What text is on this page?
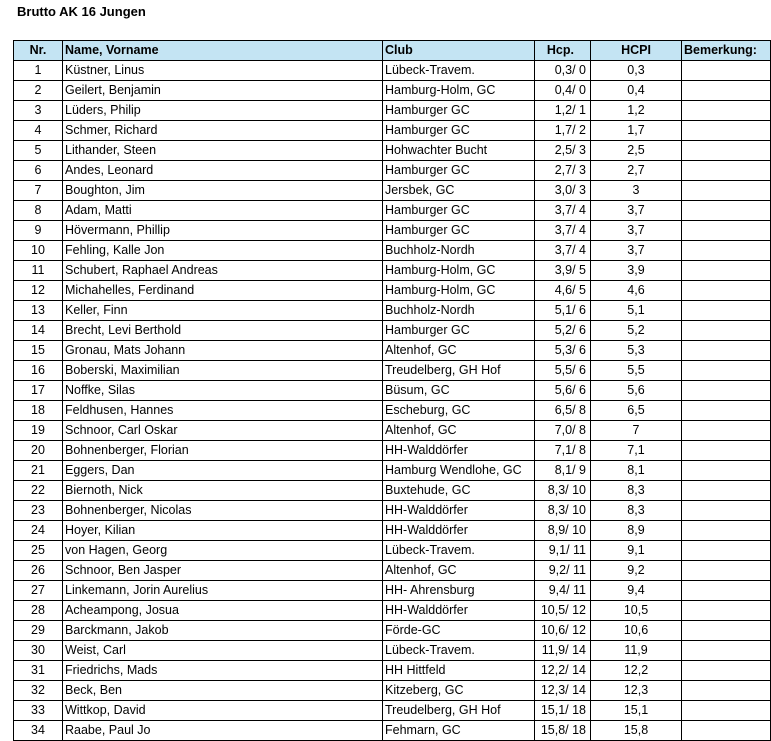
Brutto AK 16 Jungen
Nr.	Name, Vorname	Club	Hcp.	HCPI	Bemerkung:
1	Küstner, Linus	Lübeck-Travem.	0,3/ 0	0,3	
2	Geilert, Benjamin	Hamburg-Holm, GC	0,4/ 0	0,4	
3	Lüders, Philip	Hamburger GC	1,2/ 1	1,2	
4	Schmer, Richard	Hamburger GC	1,7/ 2	1,7	
5	Lithander, Steen	Hohwachter Bucht	2,5/ 3	2,5	
6	Andes, Leonard	Hamburger GC	2,7/ 3	2,7	
7	Boughton, Jim	Jersbek, GC	3,0/ 3	3	
8	Adam, Matti	Hamburger GC	3,7/ 4	3,7	
9	Hövermann, Phillip	Hamburger GC	3,7/ 4	3,7	
10	Fehling, Kalle Jon	Buchholz-Nordh	3,7/ 4	3,7	
11	Schubert, Raphael Andreas	Hamburg-Holm, GC	3,9/ 5	3,9	
12	Michahelles, Ferdinand	Hamburg-Holm, GC	4,6/ 5	4,6	
13	Keller, Finn	Buchholz-Nordh	5,1/ 6	5,1	
14	Brecht, Levi Berthold	Hamburger GC	5,2/ 6	5,2	
15	Gronau, Mats Johann	Altenhof, GC	5,3/ 6	5,3	
16	Boberski, Maximilian	Treudelberg, GH Hof	5,5/ 6	5,5	
17	Noffke, Silas	Büsum, GC	5,6/ 6	5,6	
18	Feldhusen, Hannes	Escheburg, GC	6,5/ 8	6,5	
19	Schnoor, Carl Oskar	Altenhof, GC	7,0/ 8	7	
20	Bohnenberger, Florian	HH-Walddörfer	7,1/ 8	7,1	
21	Eggers, Dan	Hamburg Wendlohe, GC	8,1/ 9	8,1	
22	Biernoth, Nick	Buxtehude, GC	8,3/ 10	8,3	
23	Bohnenberger, Nicolas	HH-Walddörfer	8,3/ 10	8,3	
24	Hoyer, Kilian	HH-Walddörfer	8,9/ 10	8,9	
25	von Hagen, Georg	Lübeck-Travem.	9,1/ 11	9,1	
26	Schnoor, Ben Jasper	Altenhof, GC	9,2/ 11	9,2	
27	Linkemann, Jorin Aurelius	HH- Ahrensburg	9,4/ 11	9,4	
28	Acheampong, Josua	HH-Walddörfer	10,5/ 12	10,5	
29	Barckmann, Jakob	Förde-GC	10,6/ 12	10,6	
30	Weist, Carl	Lübeck-Travem.	11,9/ 14	11,9	
31	Friedrichs, Mads	HH Hittfeld	12,2/ 14	12,2	
32	Beck, Ben	Kitzeberg, GC	12,3/ 14	12,3	
33	Wittkop, David	Treudelberg, GH Hof	15,1/ 18	15,1	
34	Raabe, Paul Jo	Fehmarn, GC	15,8/ 18	15,8	
